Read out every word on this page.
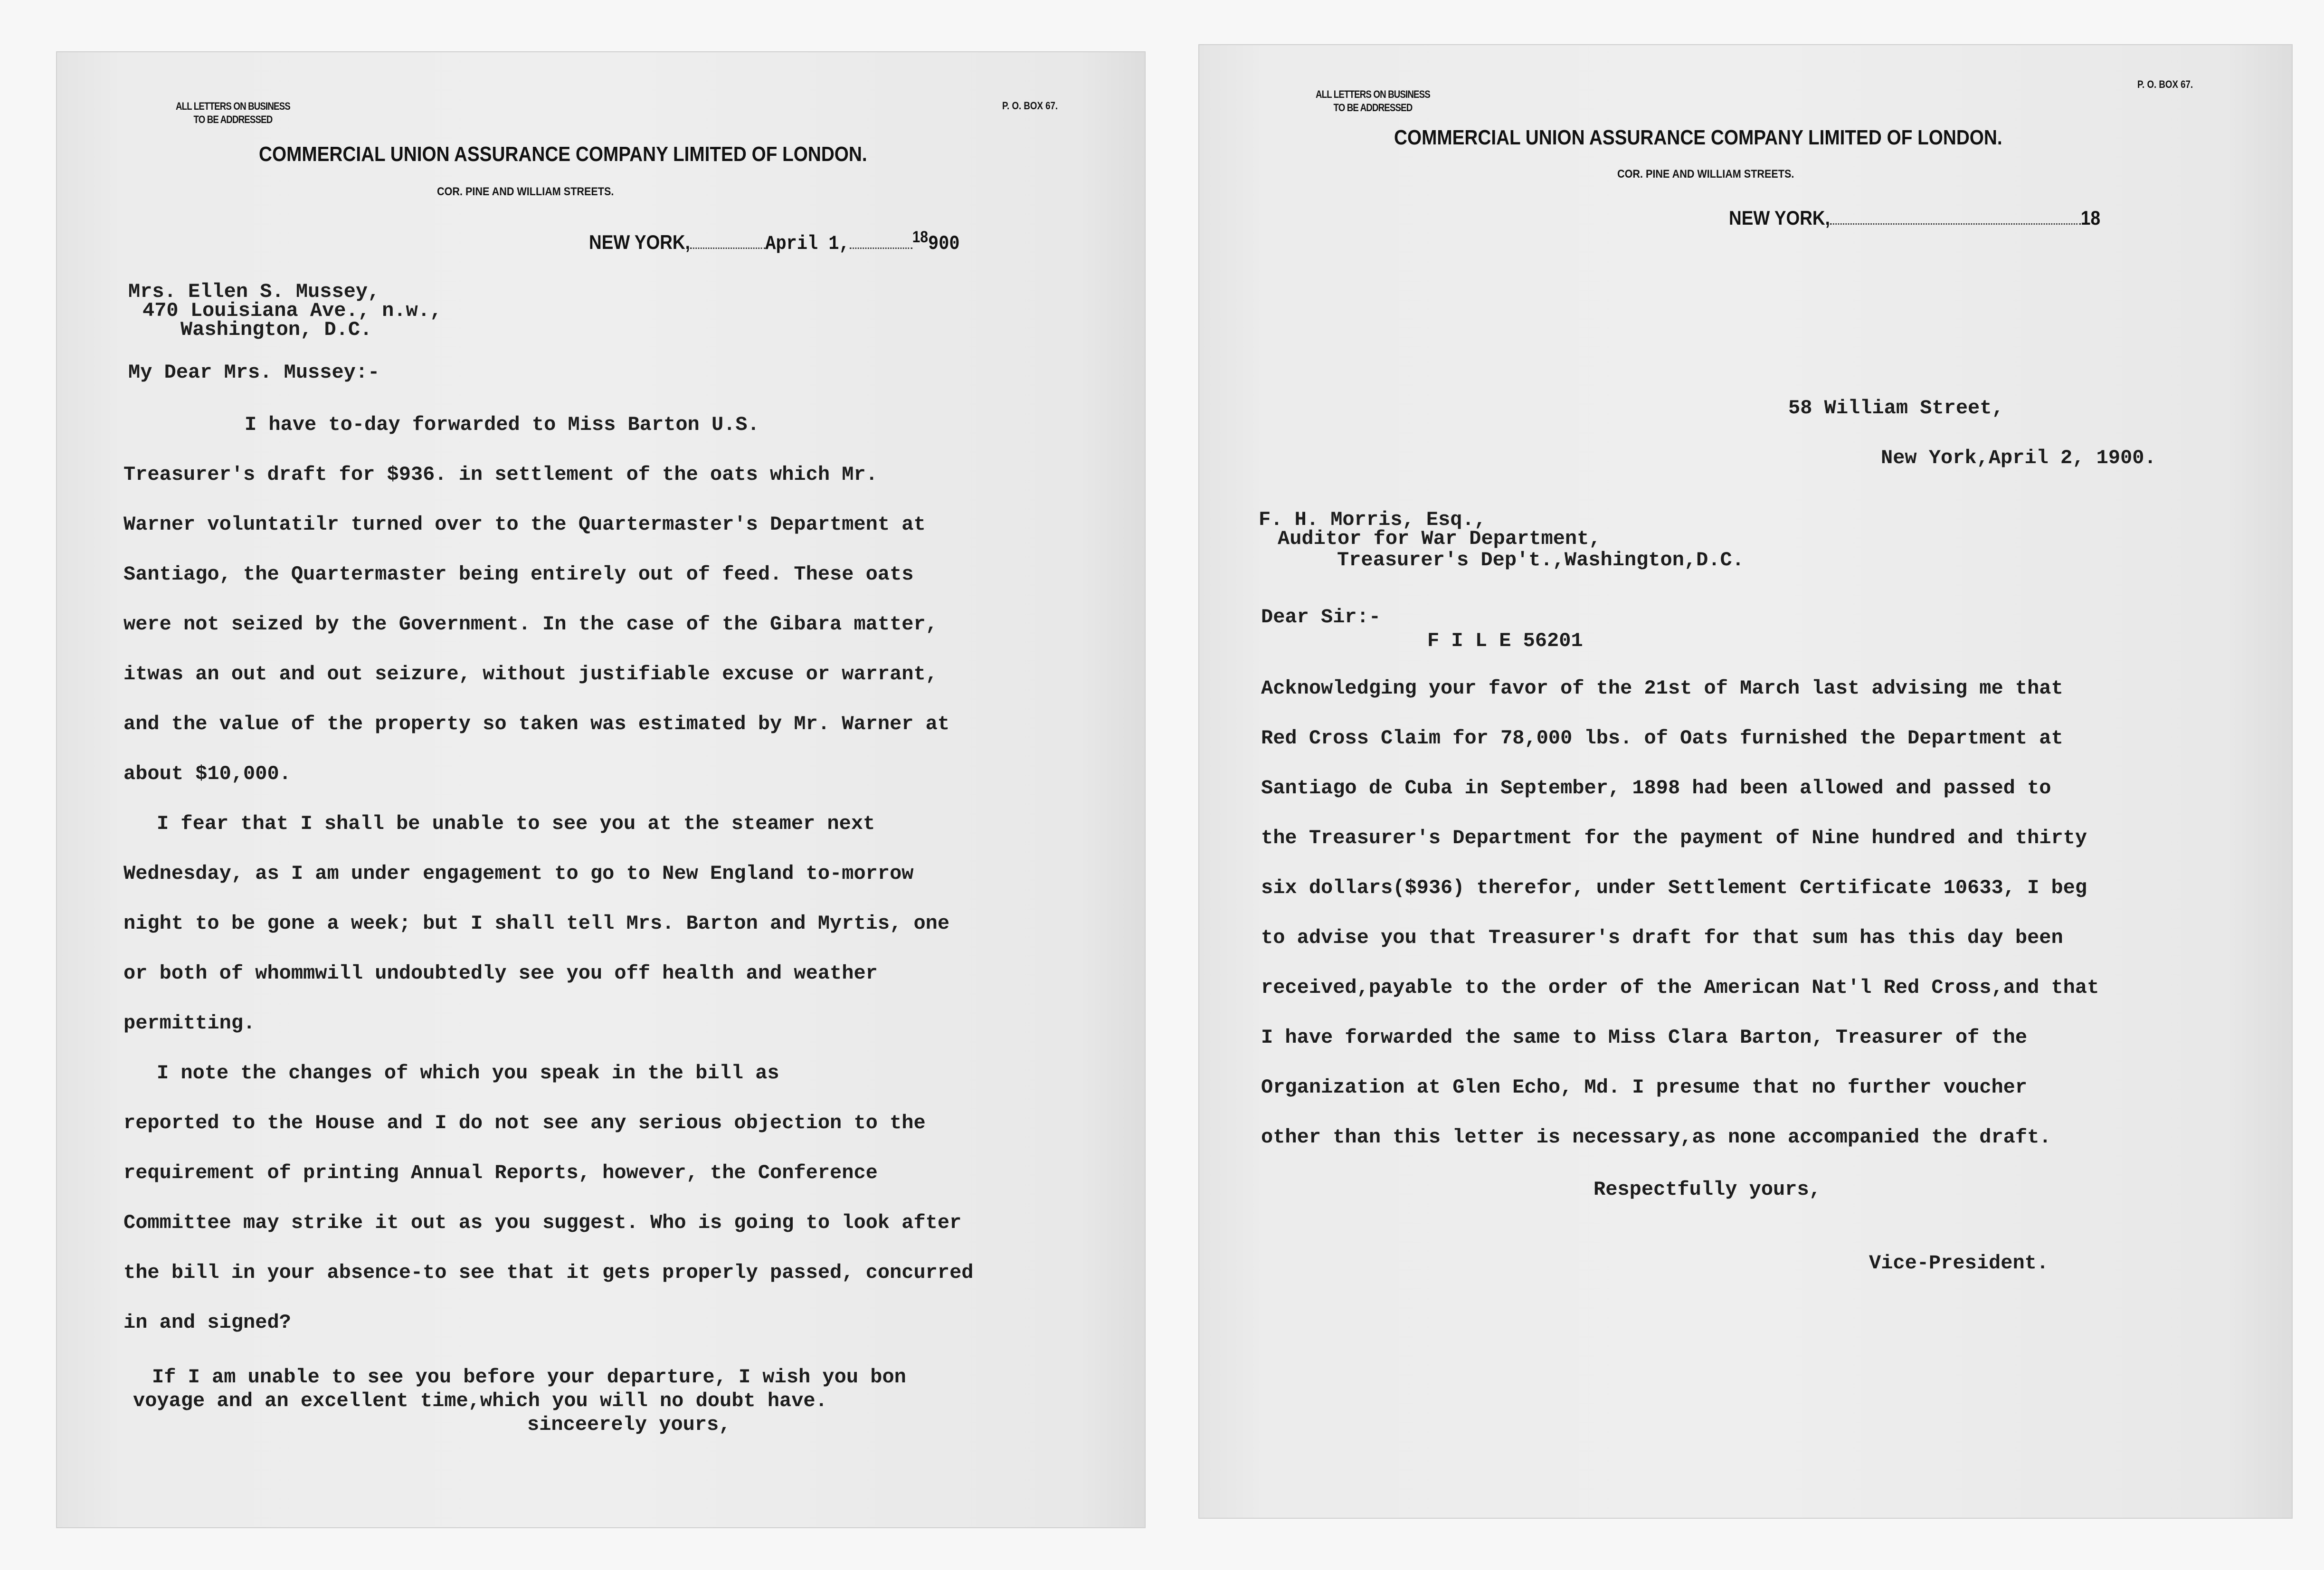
ALL LETTERS ON BUSINESS
TO BE ADDRESSED
P. O. BOX 67.
COMMERCIAL UNION ASSURANCE COMPANY LIMITED OF LONDON.
COR. PINE AND WILLIAM STREETS.
NEW YORK,	April 1,	$^{18}$900
Mrs. Ellen S. Mussey,
470 Louisiana Ave., n.w.,
Washington, D.C.
My Dear Mrs. Mussey:-
I have to-day forwarded to Miss Barton U.S.
Treasurer's draft for $936. in settlement of the oats which Mr.
Warner voluntatilr turned over to the Quartermaster's Department at
Santiago, the Quartermaster being entirely out of feed. These oats
were not seized by the Government. In the case of the Gibara matter,
itwas an out and out seizure, without justifiable excuse or warrant,
and the value of the property so taken was estimated by Mr. Warner at
about $10,000.
I fear that I shall be unable to see you at the steamer next
Wednesday, as I am under engagement to go to New England to-morrow
night to be gone a week; but I shall tell Mrs. Barton and Myrtis, one
or both of whommwill undoubtedly see you off health and weather
permitting.
I note the changes of which you speak in the bill as
reported to the House and I do not see any serious objection to the
requirement of printing Annual Reports, however, the Conference
Committee may strike it out as you suggest. Who is going to look after
the bill in your absence-to see that it gets properly passed, concurred
in and signed?
If I am unable to see you before your departure, I wish you bon
voyage and an excellent time,which you will no doubt have.
sinceerely yours,
ALL LETTERS ON BUSINESS
TO BE ADDRESSED
P. O. BOX 67.
COMMERCIAL UNION ASSURANCE COMPANY LIMITED OF LONDON.
COR. PINE AND WILLIAM STREETS.
NEW YORK,	18
58 William Street,
New York,April 2, 1900.
F. H. Morris, Esq.,
Auditor for War Department,
Treasurer's Dep't.,Washington,D.C.
Dear Sir:-
F I L E 56201
Acknowledging your favor of the 21st of March last advising me that
Red Cross Claim for 78,000 lbs. of Oats furnished the Department at
Santiago de Cuba in September, 1898 had been allowed and passed to
the Treasurer's Department for the payment of Nine hundred and thirty
six dollars($936) therefor, under Settlement Certificate 10633, I beg
to advise you that Treasurer's draft for that sum has this day been
received,payable to the order of the American Nat'l Red Cross,and that
I have forwarded the same to Miss Clara Barton, Treasurer of the
Organization at Glen Echo, Md. I presume that no further voucher
other than this letter is necessary,as none accompanied the draft.
Respectfully yours,
Vice-President.
